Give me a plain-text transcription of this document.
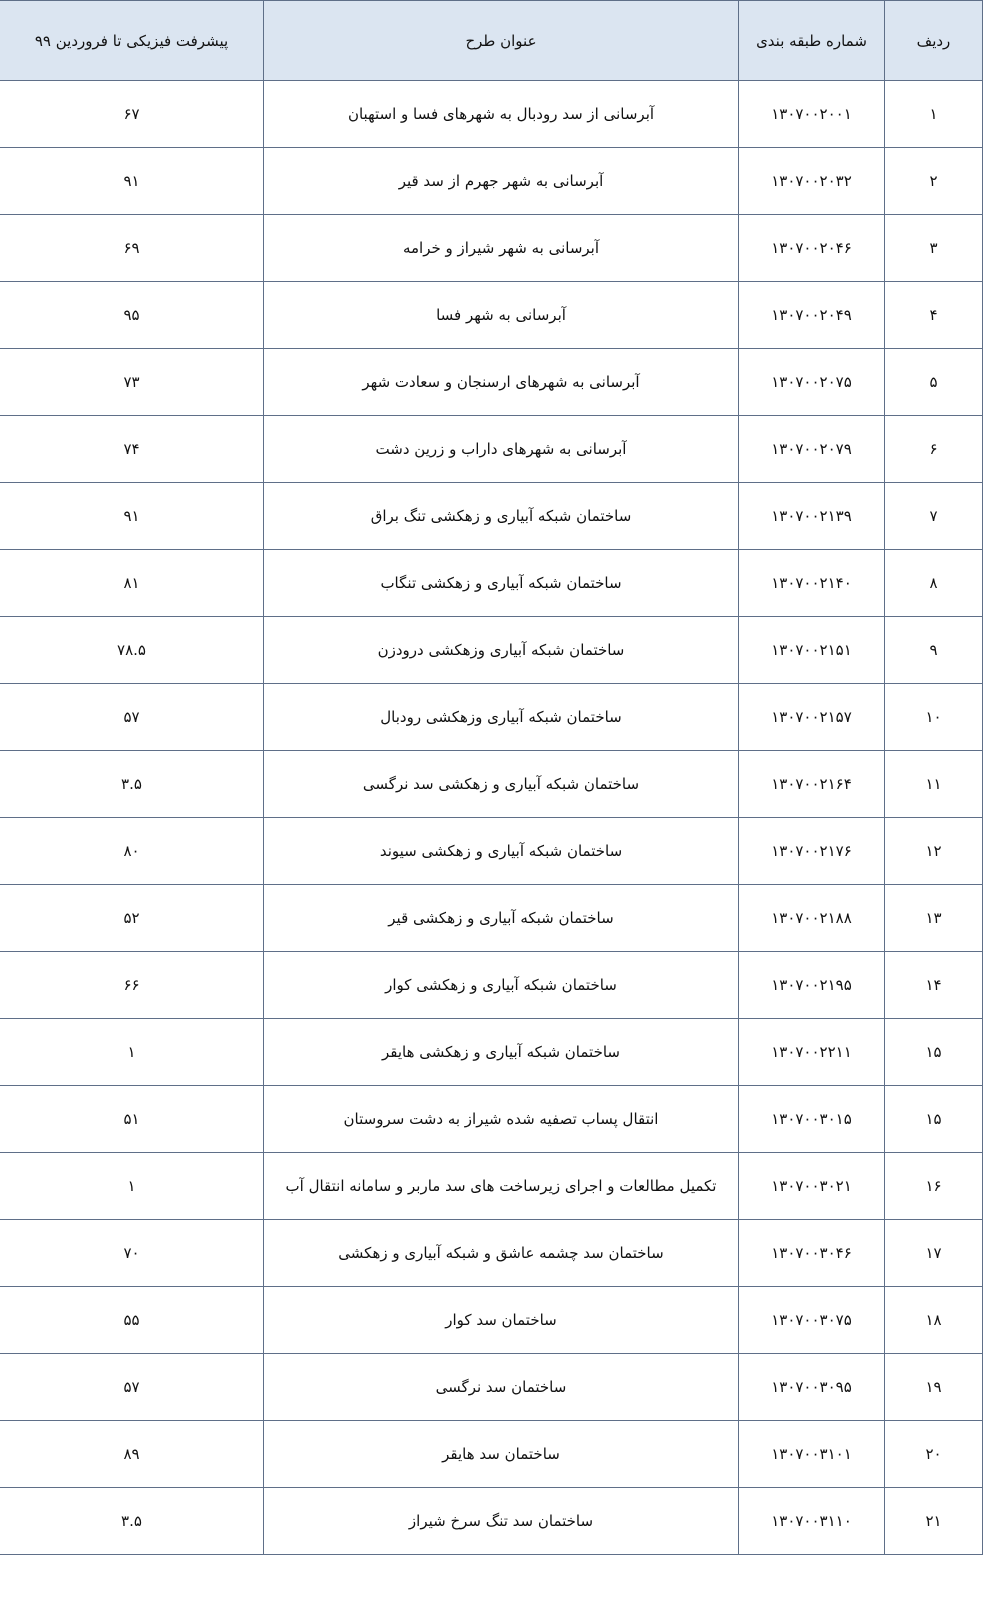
ردیف	شماره طبقه بندی	عنوان طرح	پیشرفت فیزیکی تا فروردین ۹۹
۱	۱۳۰۷۰۰۲۰۰۱	آبرسانی از سد رودبال به شهرهای فسا و استهبان	۶۷
۲	۱۳۰۷۰۰۲۰۳۲	آبرسانی به شهر جهرم از سد قیر	۹۱
۳	۱۳۰۷۰۰۲۰۴۶	آبرسانی به شهر شیراز و خرامه	۶۹
۴	۱۳۰۷۰۰۲۰۴۹	آبرسانی به شهر فسا	۹۵
۵	۱۳۰۷۰۰۲۰۷۵	آبرسانی به شهرهای ارسنجان و سعادت شهر	۷۳
۶	۱۳۰۷۰۰۲۰۷۹	آبرسانی به شهرهای داراب و زرین دشت	۷۴
۷	۱۳۰۷۰۰۲۱۳۹	ساختمان شبکه آبیاری و زهکشی تنگ براق	۹۱
۸	۱۳۰۷۰۰۲۱۴۰	ساختمان شبکه آبیاری و زهکشی تنگاب	۸۱
۹	۱۳۰۷۰۰۲۱۵۱	ساختمان شبکه آبیاری وزهکشی درودزن	۷۸.۵
۱۰	۱۳۰۷۰۰۲۱۵۷	ساختمان شبکه آبیاری وزهکشی رودبال	۵۷
۱۱	۱۳۰۷۰۰۲۱۶۴	ساختمان شبکه آبیاری و زهکشی سد نرگسی	۳.۵
۱۲	۱۳۰۷۰۰۲۱۷۶	ساختمان شبکه آبیاری و زهکشی سیوند	۸۰
۱۳	۱۳۰۷۰۰۲۱۸۸	ساختمان شبکه آبیاری و زهکشی قیر	۵۲
۱۴	۱۳۰۷۰۰۲۱۹۵	ساختمان شبکه آبیاری و زهکشی کوار	۶۶
۱۵	۱۳۰۷۰۰۲۲۱۱	ساختمان شبکه آبیاری و زهکشی هایقر	۱
۱۵	۱۳۰۷۰۰۳۰۱۵	انتقال پساب تصفیه شده شیراز به دشت سروستان	۵۱
۱۶	۱۳۰۷۰۰۳۰۲۱	تکمیل مطالعات و اجرای زیرساخت های سد ماربر و سامانه انتقال آب	۱
۱۷	۱۳۰۷۰۰۳۰۴۶	ساختمان سد چشمه عاشق و شبکه آبیاری و زهکشی	۷۰
۱۸	۱۳۰۷۰۰۳۰۷۵	ساختمان سد کوار	۵۵
۱۹	۱۳۰۷۰۰۳۰۹۵	ساختمان سد نرگسی	۵۷
۲۰	۱۳۰۷۰۰۳۱۰۱	ساختمان سد هایقر	۸۹
۲۱	۱۳۰۷۰۰۳۱۱۰	ساختمان سد تنگ سرخ شیراز	۳.۵
